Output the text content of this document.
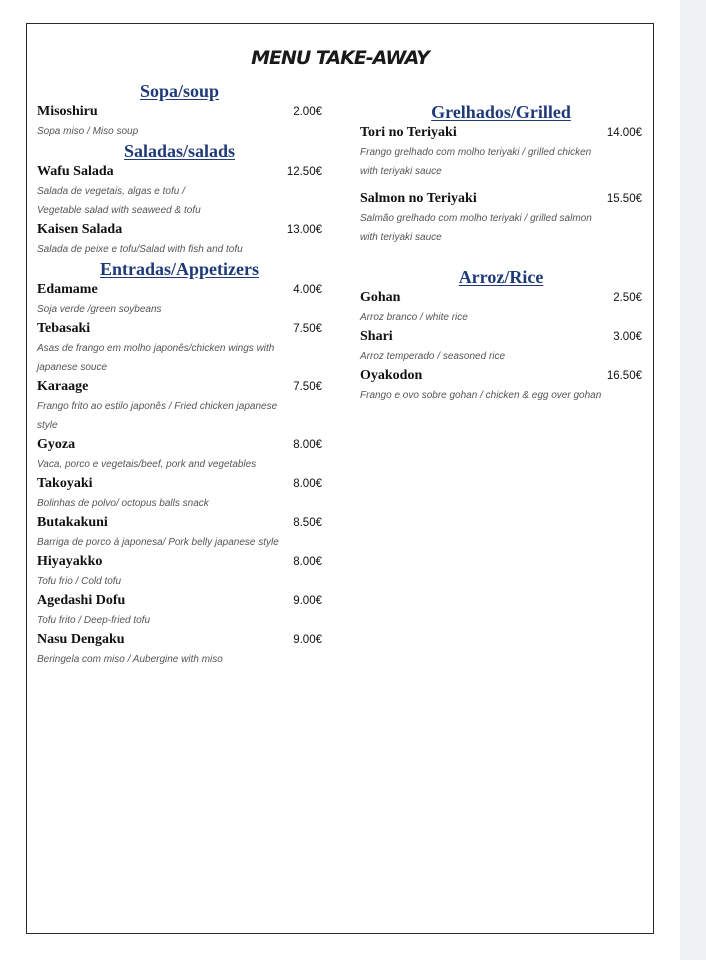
MENU TAKE-AWAY
Sopa/soup
Misoshiru	2.00€
Sopa miso / Miso soup
Saladas/salads
Wafu Salada	12.50€
Salada de vegetais, algas e tofu /
Vegetable salad with seaweed & tofu
Kaisen Salada	13.00€
Salada de peixe e tofu/Salad with fish and tofu
Entradas/Appetizers
Edamame	4.00€
Soja verde /green soybeans
Tebasaki	7.50€
Asas de frango em molho japonês/chicken wings with
japanese souce
Karaage	7.50€
Frango frito ao estilo japonês / Fried chicken japanese
style
Gyoza	8.00€
Vaca, porco e vegetais/beef, pork and vegetables
Takoyaki	8.00€
Bolinhas de polvo/ octopus balls snack
Butakakuni	8.50€
Barriga de porco à japonesa/ Pork belly japanese style
Hiyayakko	8.00€
Tofu frio / Cold tofu
Agedashi Dofu	9.00€
Tofu frito / Deep-fried tofu
Nasu Dengaku	9.00€
Beringela com miso / Aubergine with miso
Grelhados/Grilled
Tori no Teriyaki	14.00€
Frango grelhado com molho teriyaki / grilled chicken
with teriyaki sauce
Salmon no Teriyaki	15.50€
Salmão grelhado com molho teriyaki / grilled salmon
with teriyaki sauce
Arroz/Rice
Gohan	2.50€
Arroz branco / white rice
Shari	3.00€
Arroz temperado / seasoned rice
Oyakodon	16.50€
Frango e ovo sobre gohan / chicken & egg over gohan
